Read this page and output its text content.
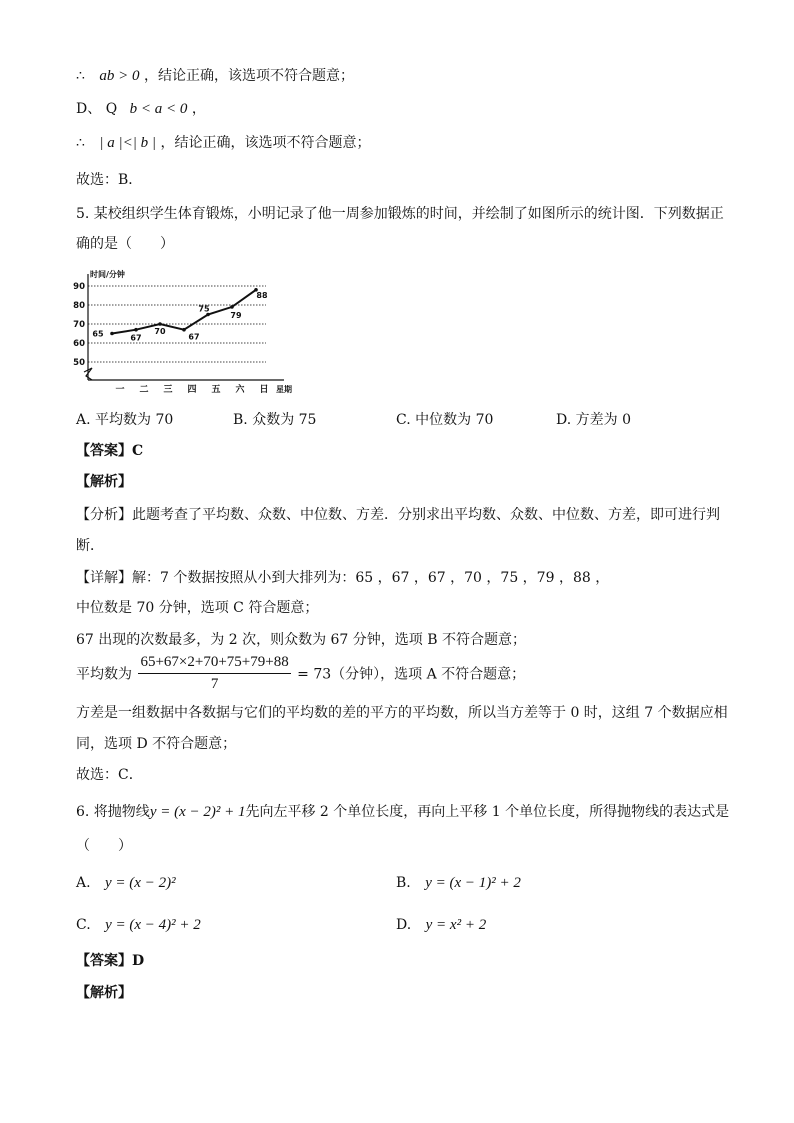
∴ ab > 0 ，结论正确，该选项不符合题意；
D、 Q b < a < 0 ，
∴ | a |<| b | ，结论正确，该选项不符合题意；
故选：B．
5. 某校组织学生体育锻炼，小明记录了他一周参加锻炼的时间，并绘制了如图所示的统计图．下列数据正
确的是（　　）
50
60
70
80
90
时间/分钟
一 二 三 四 五 六 日 星期
65	67
70
67
75
79
88
A. 平均数为 70	B. 众数为 75	C. 中位数为 70	D. 方差为 0
【答案】C
【解析】
【分析】此题考查了平均数、众数、中位数、方差．分别求出平均数、众数、中位数、方差，即可进行判
断．
【详解】解：7 个数据按照从小到大排列为：65 ，67 ，67 ，70 ，75 ，79 ，88 ，
中位数是 70 分钟，选项 C 符合题意；
67 出现的次数最多，为 2 次，则众数为 67 分钟，选项 B 不符合题意；
平均数为 $\frac{65+67\times 2+70+75+79+88}{7} = 73$（分钟），选项 A 不符合题意；
方差是一组数据中各数据与它们的平均数的差的平方的平均数，所以当方差等于 0 时，这组 7 个数据应相
同，选项 D 不符合题意；
故选：C．
6. 将抛物线y = (x − 2)² + 1先向左平移 2 个单位长度，再向上平移 1 个单位长度，所得抛物线的表达式是
（　　）
A. y = (x − 2)²	B. y = (x − 1)² + 2
C. y = (x − 4)² + 2	D. y = x² + 2
【答案】D
【解析】
